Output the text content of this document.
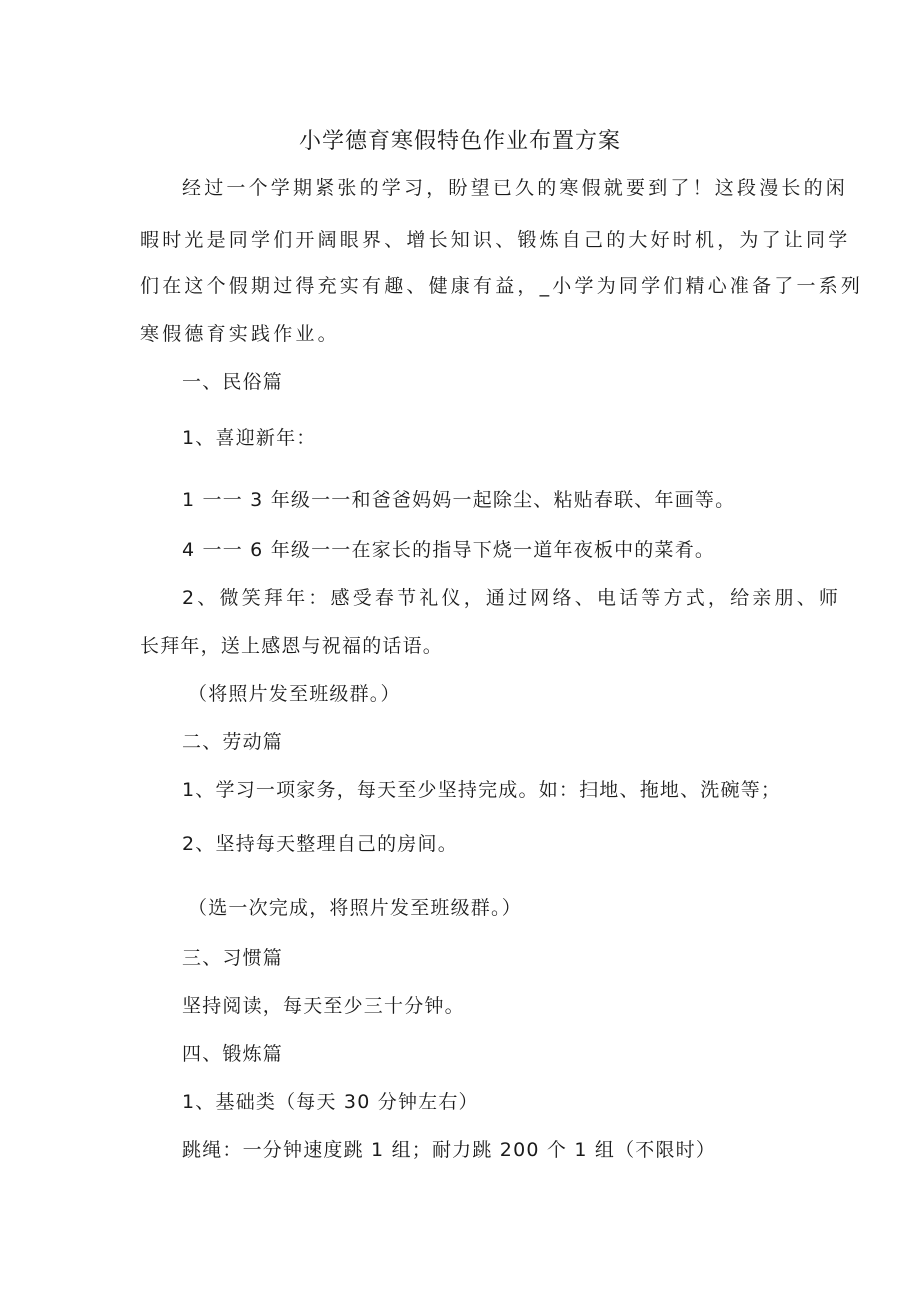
小学德育寒假特色作业布置方案
经过一个学期紧张的学习，盼望已久的寒假就要到了！这段漫长的闲
暇时光是同学们开阔眼界、增长知识、锻炼自己的大好时机，为了让同学
们在这个假期过得充实有趣、健康有益，_小学为同学们精心准备了一系列
寒假德育实践作业。
一、民俗篇
1、喜迎新年：
1 一一 3 年级一一和爸爸妈妈一起除尘、粘贴春联、年画等。
4 一一 6 年级一一在家长的指导下烧一道年夜板中的菜肴。
2、微笑拜年：感受春节礼仪，通过网络、电话等方式，给亲朋、师
长拜年，送上感恩与祝福的话语。
（将照片发至班级群。）
二、劳动篇
1、学习一项家务，每天至少坚持完成。如：扫地、拖地、洗碗等；
2、坚持每天整理自己的房间。
（选一次完成，将照片发至班级群。）
三、习惯篇
坚持阅读，每天至少三十分钟。
四、锻炼篇
1、基础类（每天 30 分钟左右）
跳绳：一分钟速度跳 1 组；耐力跳 200 个 1 组（不限时）
